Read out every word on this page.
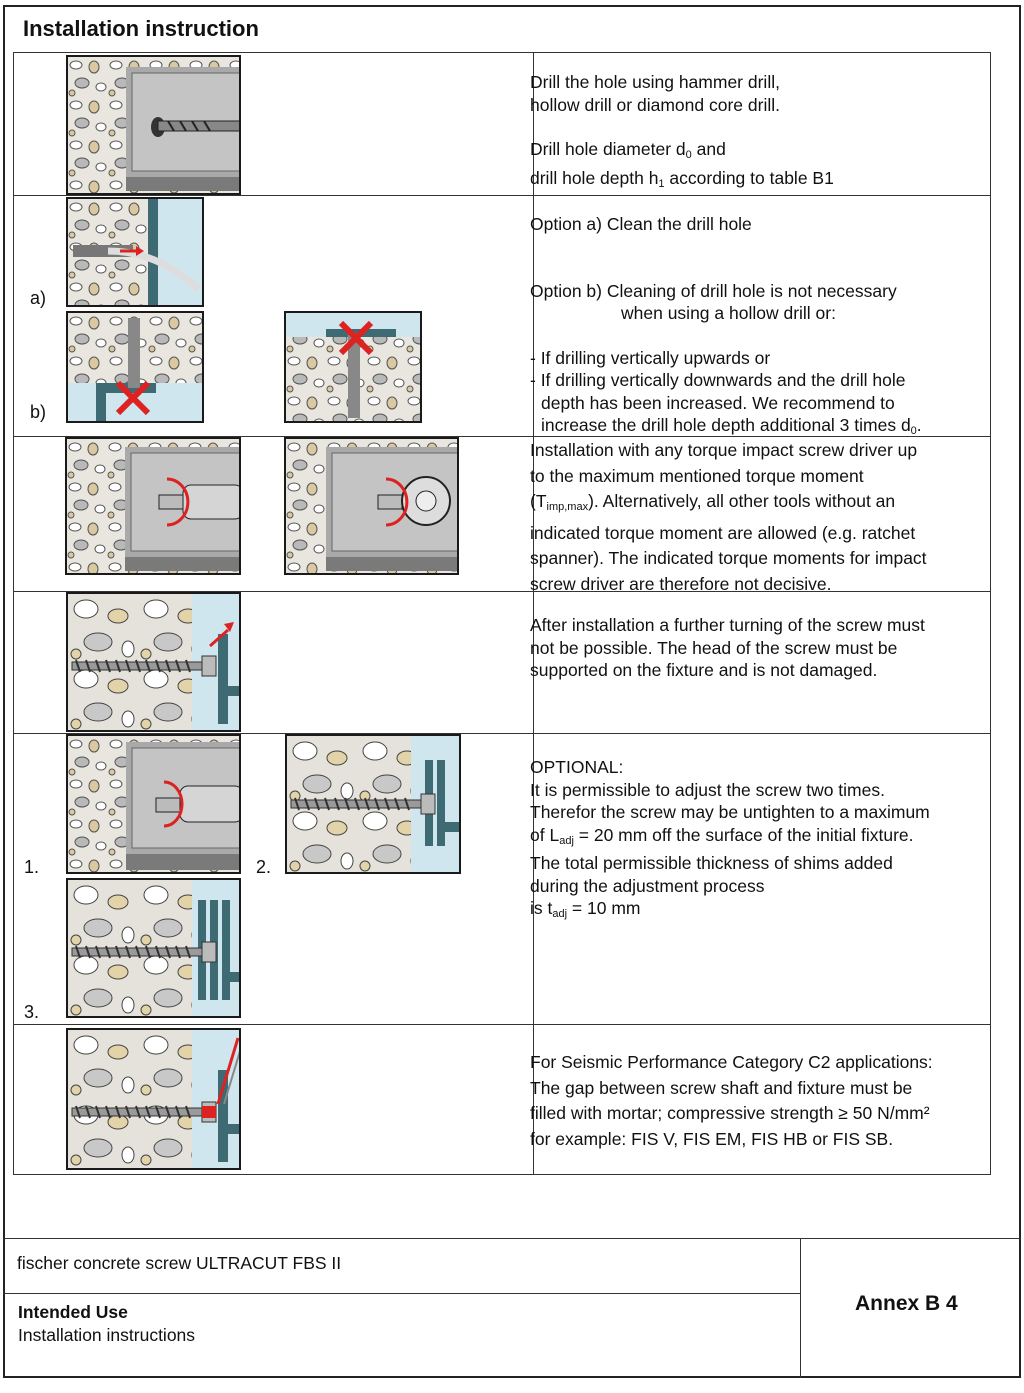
Installation instruction
Drill the hole using hammer drill,
hollow drill or diamond core drill.
Drill hole diameter $d_0$ and
drill hole depth $h_1$ according to table B1
a)
b)
Option a) Clean the drill hole
Option b) Cleaning of drill hole is not necessary
when using a hollow drill or:
- If drilling vertically upwards or
- If drilling vertically downwards and the drill hole
depth has been increased. We recommend to
increase the drill hole depth additional 3 times $d_0$.
Installation with any torque impact screw driver up
to the maximum mentioned torque moment
$(T_{imp,max})$. Alternatively, all other tools without an
indicated torque moment are allowed (e.g. ratchet
spanner). The indicated torque moments for impact
screw driver are therefore not decisive.
After installation a further turning of the screw must
not be possible. The head of the screw must be
supported on the fixture and is not damaged.
1.	2.
3.
OPTIONAL:
It is permissible to adjust the screw two times.
Therefor the screw may be untighten to a maximum
of $L_{adj} = 20$ mm off the surface of the initial fixture.
The total permissible thickness of shims added
during the adjustment process
is $t_{adj} = 10$ mm
For Seismic Performance Category C2 applications:
The gap between screw shaft and fixture must be
filled with mortar; compressive strength ≥ 50 N/mm²
for example: FIS V, FIS EM, FIS HB or FIS SB.
fischer concrete screw ULTRACUT FBS II
Intended Use
Installation instructions
Annex B 4
